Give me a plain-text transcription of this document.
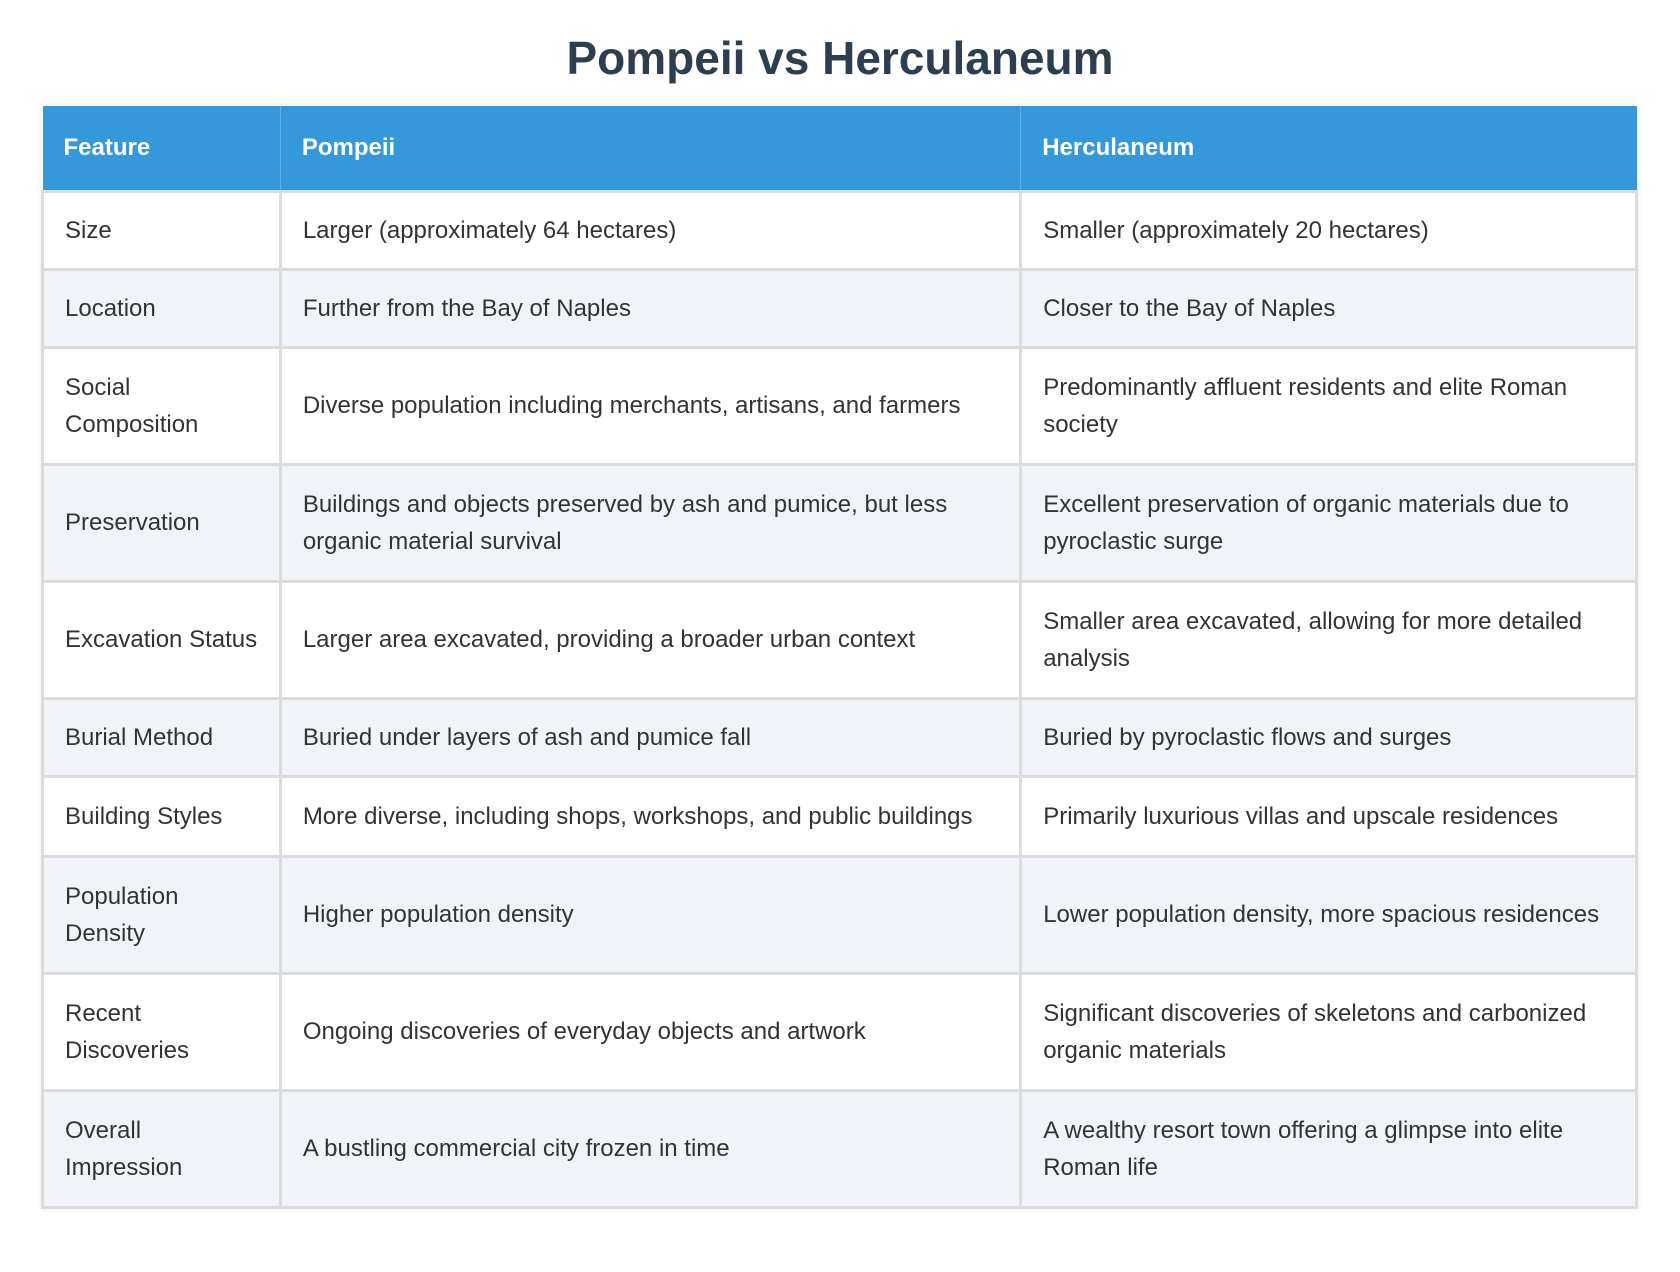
Pompeii vs Herculaneum
Feature	Pompeii	Herculaneum
Size	Larger (approximately 64 hectares)	Smaller (approximately 20 hectares)
Location	Further from the Bay of Naples	Closer to the Bay of Naples
Social Composition	Diverse population including merchants, artisans, and farmers	Predominantly affluent residents and elite Roman society
Preservation	Buildings and objects preserved by ash and pumice, but less organic material survival	Excellent preservation of organic materials due to pyroclastic surge
Excavation Status	Larger area excavated, providing a broader urban context	Smaller area excavated, allowing for more detailed analysis
Burial Method	Buried under layers of ash and pumice fall	Buried by pyroclastic flows and surges
Building Styles	More diverse, including shops, workshops, and public buildings	Primarily luxurious villas and upscale residences
Population Density	Higher population density	Lower population density, more spacious residences
Recent Discoveries	Ongoing discoveries of everyday objects and artwork	Significant discoveries of skeletons and carbonized organic materials
Overall Impression	A bustling commercial city frozen in time	A wealthy resort town offering a glimpse into elite Roman life
